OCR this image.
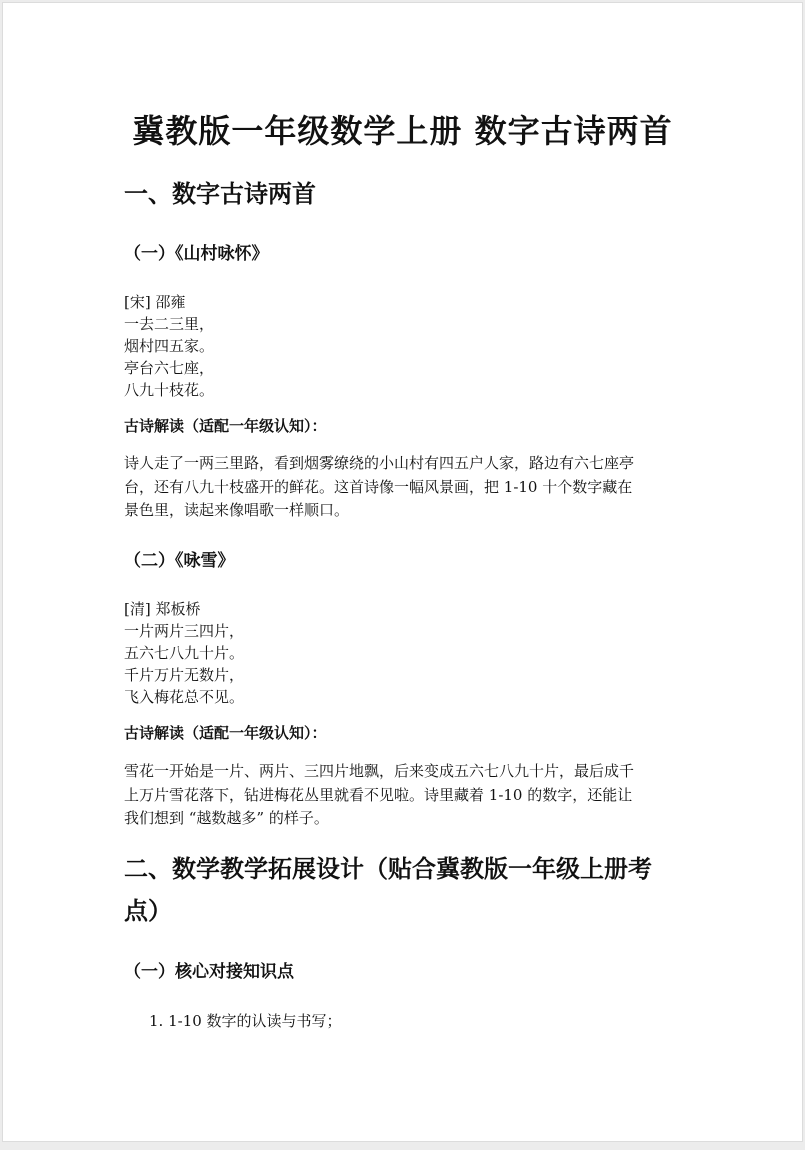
冀教版一年级数学上册 数字古诗两首
一、数字古诗两首
（一）《山村咏怀》
[宋] 邵雍
一去二三里，
烟村四五家。
亭台六七座，
八九十枝花。
古诗解读（适配一年级认知）：
诗人走了一两三里路，看到烟雾缭绕的小山村有四五户人家，路边有六七座亭
台，还有八九十枝盛开的鲜花。这首诗像一幅风景画，把 1-10 十个数字藏在
景色里，读起来像唱歌一样顺口。
（二）《咏雪》
[清] 郑板桥
一片两片三四片，
五六七八九十片。
千片万片无数片，
飞入梅花总不见。
古诗解读（适配一年级认知）：
雪花一开始是一片、两片、三四片地飘，后来变成五六七八九十片，最后成千
上万片雪花落下，钻进梅花丛里就看不见啦。诗里藏着 1-10 的数字，还能让
我们想到 “越数越多” 的样子。
二、数学教学拓展设计（贴合冀教版一年级上册考
点）
（一）核心对接知识点
1. 1-10 数字的认读与书写；
